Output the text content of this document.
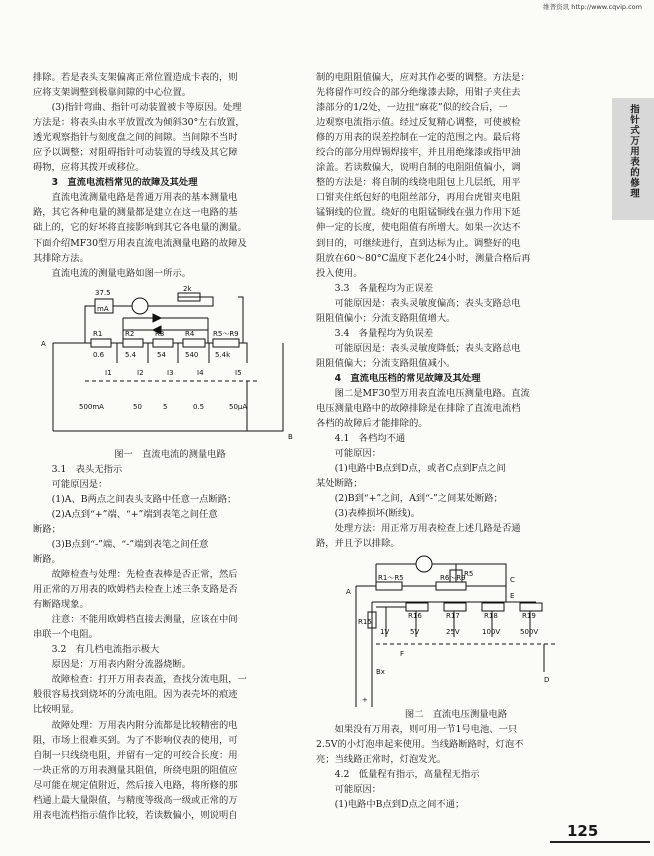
维普资讯 http://www.cqvip.com
指针式万用表的修理

排除。若是表头支架偏离正常位置造成卡表的，则

应将支架调整到极靠间隙的中心位置。

　　(3)指针弯曲、指针可动装置被卡等原因。处理

方法是：将表头由水平放置改为倾斜30°左右放置，

透光观察指针与刻度盘之间的间隙。当间隙不当时

应予以调整；对阻碍指针可动装置的导线及其它障

碍物，应将其拨开或移位。

　　3　直流电流档常见的故障及其处理

　　直流电流测量电路是普通万用表的基本测量电

路，其它各种电量的测量都是建立在这一电路的基

础上的，它的好坏将直接影响到其它各电量的测量。

下面介绍MF30型万用表直流电流测量电路的故障及

其排除方法。

　　直流电流的测量电路如图一所示。

37.5
mA
2k
A
R1	R2	R3	R4	R5～R9
0.6	5.4	54	540 5.4k
I1	I2	I3	I4	I5
500mA	50	5	0.5	50µA
B

图一　直流电流的测量电路

　　3.1　表头无指示

　　可能原因是：

　　(1)A、B两点之间表头支路中任意一点断路；

　　(2)A点到“+”端、“+”端到表笔之间任意

断路；

　　(3)B点到“-”端、“-”端到表笔之间任意

断路。

　　故障检查与处理：先检查表棒是否正常，然后

用正常的万用表的欧姆档去检查上述三条支路是否

有断路现象。

　　注意：不能用欧姆档直接去测量，应该在中间

串联一个电阻。

　　3.2　有几档电流指示极大

　　原因是：万用表内附分流器烧断。

　　故障检查：打开万用表表盖，查找分流电阻，一

般很容易找到烧坏的分流电阻。因为表壳坏的痕迹

比较明显。

　　故障处理：万用表内附分流都是比较精密的电

阻，市场上很难买到。为了不影响仪表的使用，可

自制一只线绕电阻，并留有一定的可绞合长度：用

一块正常的万用表测量其阻值，所绕电阻的阻值应

尽可能在规定值附近，然后接入电路，将所修的那

档通上最大量限值，与精度等级高一级或正常的万

用表电流档指示值作比较，若读数偏小，则说明自

制的电阻阻值偏大，应对其作必要的调整。方法是：

先将留作可绞合的部分绝缘漆去除，用钳子夹住去

漆部分的1/2处，一边扭“麻花”似的绞合后，一

边观察电流指示值。经过反复精心调整，可使被检

修的万用表的误差控制在一定的范围之内。最后将

绞合的部分用焊锡焊接牢，并且用绝缘漆或指甲油

涂盖。若读数偏大，说明自制的电阻阻值偏小，调

整的方法是：将自制的线绕电阻包上几层纸，用平

口钳夹住纸包好的电阻丝部分，再用台虎钳夹电阻

锰铜线的位置。绕好的电阻锰铜线在强力作用下延

伸一定的长度，使电阻值有所增大。如果一次达不

到目的，可继续进行，直到达标为止。调整好的电

阻放在60～80°C温度下老化24小时，测量合格后再

投入使用。

　　3.3　各量程均为正误差

　　可能原因是：表头灵敏度偏高；表头支路总电

阻阻值偏小；分流支路阻值增大。

　　3.4　各量程均为负误差

　　可能原因是：表头灵敏度降低；表头支路总电

阻阻值偏大；分流支路阻值减小。

　　4　直流电压档的常见故障及其处理

　　图二是MF30型万用表直流电压测量电路。直流

电压测量电路中的故障排除是在排除了直流电流档

各档的故障后才能排除的。

　　4.1　各档均不通

　　可能原因：

　　(1)电路中B点到D点，或者C点到F点之间

某处断路；

　　(2)B到“+”之间，A到“-”之间某处断路；

　　(3)表棒损坏(断线)。

　　处理方法：用正常万用表检查上述几路是否通

路，并且予以排除。

R1～R5	R5
R6～R9
A
C
E
R15
R16	R17	R18	R19
1V	5V	25V	100V	500V
F
D
Bx
+

图二　直流电压测量电路

　　如果没有万用表，则可用一节1号电池、一只

2.5V的小灯泡串起来使用。当线路断路时，灯泡不

亮；当线路正常时，灯泡发光。

　　4.2　低量程有指示，高量程无指示

　　可能原因：

　　(1)电路中B点到D点之间不通；

125
